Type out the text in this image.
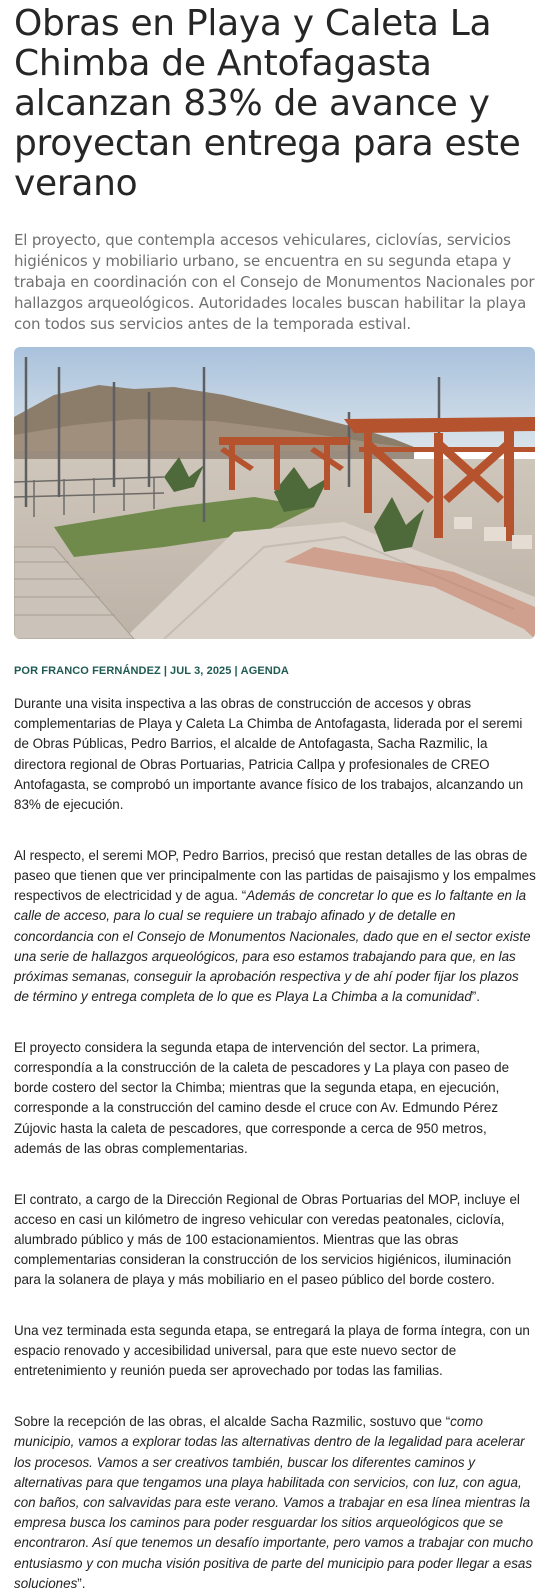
Obras en Playa y Caleta La Chimba de Antofagasta alcanzan 83% de avance y proyectan entrega para este verano

El proyecto, que contempla accesos vehiculares, ciclovías, servicios higiénicos y mobiliario urbano, se encuentra en su segunda etapa y trabaja en coordinación con el Consejo de Monumentos Nacionales por hallazgos arqueológicos. Autoridades locales buscan habilitar la playa con todos sus servicios antes de la temporada estival.

POR FRANCO FERNÁNDEZ | JUL 3, 2025 | AGENDA

Durante una visita inspectiva a las obras de construcción de accesos y obras complementarias de Playa y Caleta La Chimba de Antofagasta, liderada por el seremi de Obras Públicas, Pedro Barrios, el alcalde de Antofagasta, Sacha Razmilic, la directora regional de Obras Portuarias, Patricia Callpa y profesionales de CREO Antofagasta, se comprobó un importante avance físico de los trabajos, alcanzando un 83% de ejecución.

Al respecto, el seremi MOP, Pedro Barrios, precisó que restan detalles de las obras de paseo que tienen que ver principalmente con las partidas de paisajismo y los empalmes respectivos de electricidad y de agua. “Además de concretar lo que es lo faltante en la calle de acceso, para lo cual se requiere un trabajo afinado y de detalle en concordancia con el Consejo de Monumentos Nacionales, dado que en el sector existe una serie de hallazgos arqueológicos, para eso estamos trabajando para que, en las próximas semanas, conseguir la aprobación respectiva y de ahí poder fijar los plazos de término y entrega completa de lo que es Playa La Chimba a la comunidad”.

El proyecto considera la segunda etapa de intervención del sector. La primera, correspondía a la construcción de la caleta de pescadores y La playa con paseo de borde costero del sector la Chimba; mientras que la segunda etapa, en ejecución, corresponde a la construcción del camino desde el cruce con Av. Edmundo Pérez Zújovic hasta la caleta de pescadores, que corresponde a cerca de 950 metros, además de las obras complementarias.

El contrato, a cargo de la Dirección Regional de Obras Portuarias del MOP, incluye el acceso en casi un kilómetro de ingreso vehicular con veredas peatonales, ciclovía, alumbrado público y más de 100 estacionamientos. Mientras que las obras complementarias consideran la construcción de los servicios higiénicos, iluminación para la solanera de playa y más mobiliario en el paseo público del borde costero.

Una vez terminada esta segunda etapa, se entregará la playa de forma íntegra, con un espacio renovado y accesibilidad universal, para que este nuevo sector de entretenimiento y reunión pueda ser aprovechado por todas las familias.

Sobre la recepción de las obras, el alcalde Sacha Razmilic, sostuvo que “como municipio, vamos a explorar todas las alternativas dentro de la legalidad para acelerar los procesos. Vamos a ser creativos también, buscar los diferentes caminos y alternativas para que tengamos una playa habilitada con servicios, con luz, con agua, con baños, con salvavidas para este verano. Vamos a trabajar en esa línea mientras la empresa busca los caminos para poder resguardar los sitios arqueológicos que se encontraron. Así que tenemos un desafío importante, pero vamos a trabajar con mucho entusiasmo y con mucha visión positiva de parte del municipio para poder llegar a esas soluciones”.
